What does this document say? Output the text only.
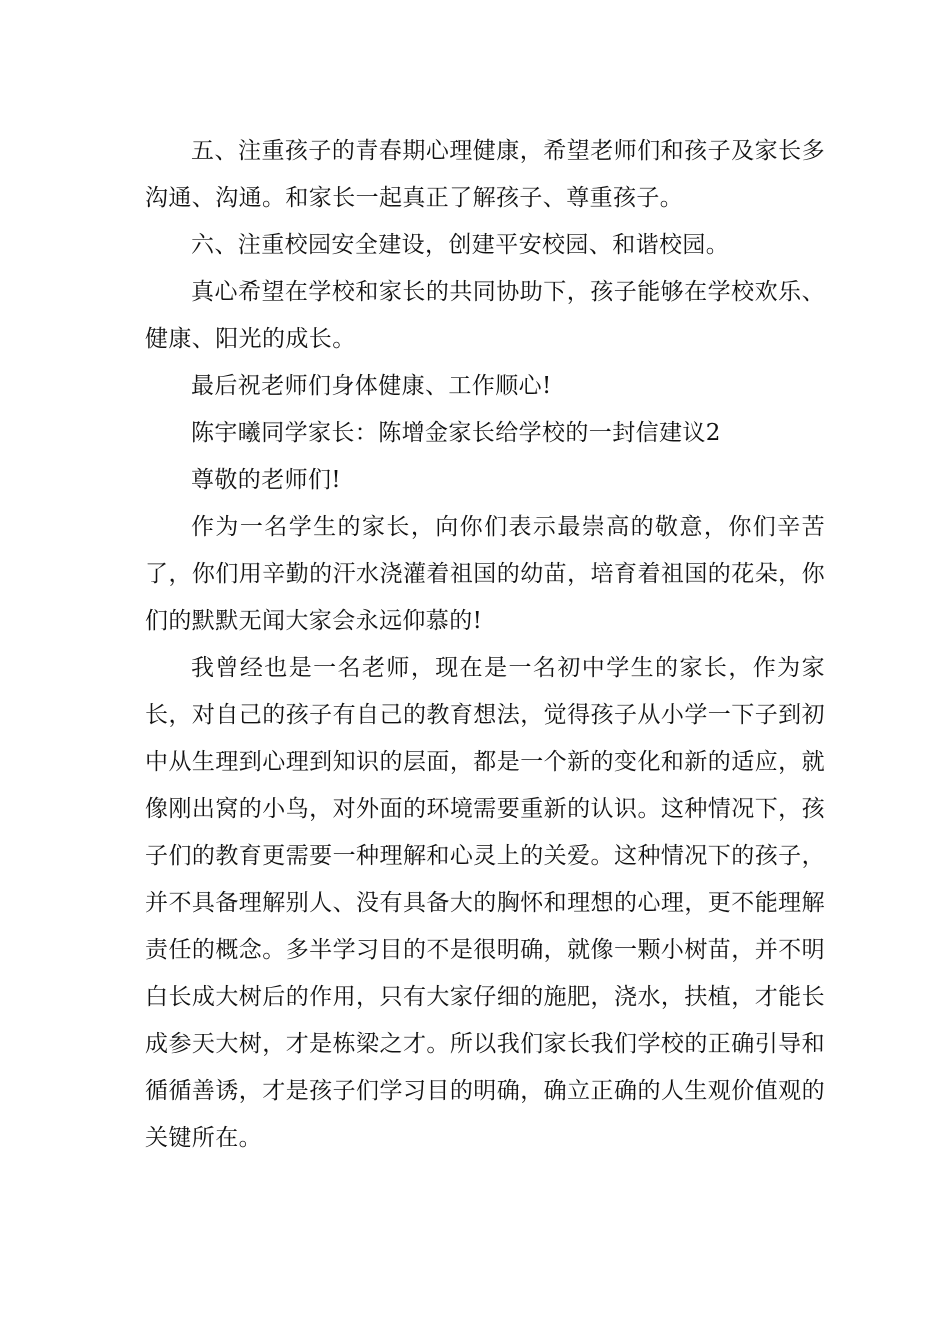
五、注重孩子的青春期心理健康，希望老师们和孩子及家长多沟通、沟通。和家长一起真正了解孩子、尊重孩子。

六、注重校园安全建设，创建平安校园、和谐校园。

真心希望在学校和家长的共同协助下，孩子能够在学校欢乐、健康、阳光的成长。

最后祝老师们身体健康、工作顺心!

陈宇曦同学家长：陈增金家长给学校的一封信建议2

尊敬的老师们!

作为一名学生的家长，向你们表示最崇高的敬意，你们辛苦了，你们用辛勤的汗水浇灌着祖国的幼苗，培育着祖国的花朵，你们的默默无闻大家会永远仰慕的!

我曾经也是一名老师，现在是一名初中学生的家长，作为家长，对自己的孩子有自己的教育想法，觉得孩子从小学一下子到初中从生理到心理到知识的层面，都是一个新的变化和新的适应，就像刚出窝的小鸟，对外面的环境需要重新的认识。这种情况下，孩子们的教育更需要一种理解和心灵上的关爱。这种情况下的孩子，并不具备理解别人、没有具备大的胸怀和理想的心理，更不能理解责任的概念。多半学习目的不是很明确，就像一颗小树苗，并不明白长成大树后的作用，只有大家仔细的施肥，浇水，扶植，才能长成参天大树，才是栋梁之才。所以我们家长我们学校的正确引导和循循善诱，才是孩子们学习目的明确，确立正确的人生观价值观的关键所在。
